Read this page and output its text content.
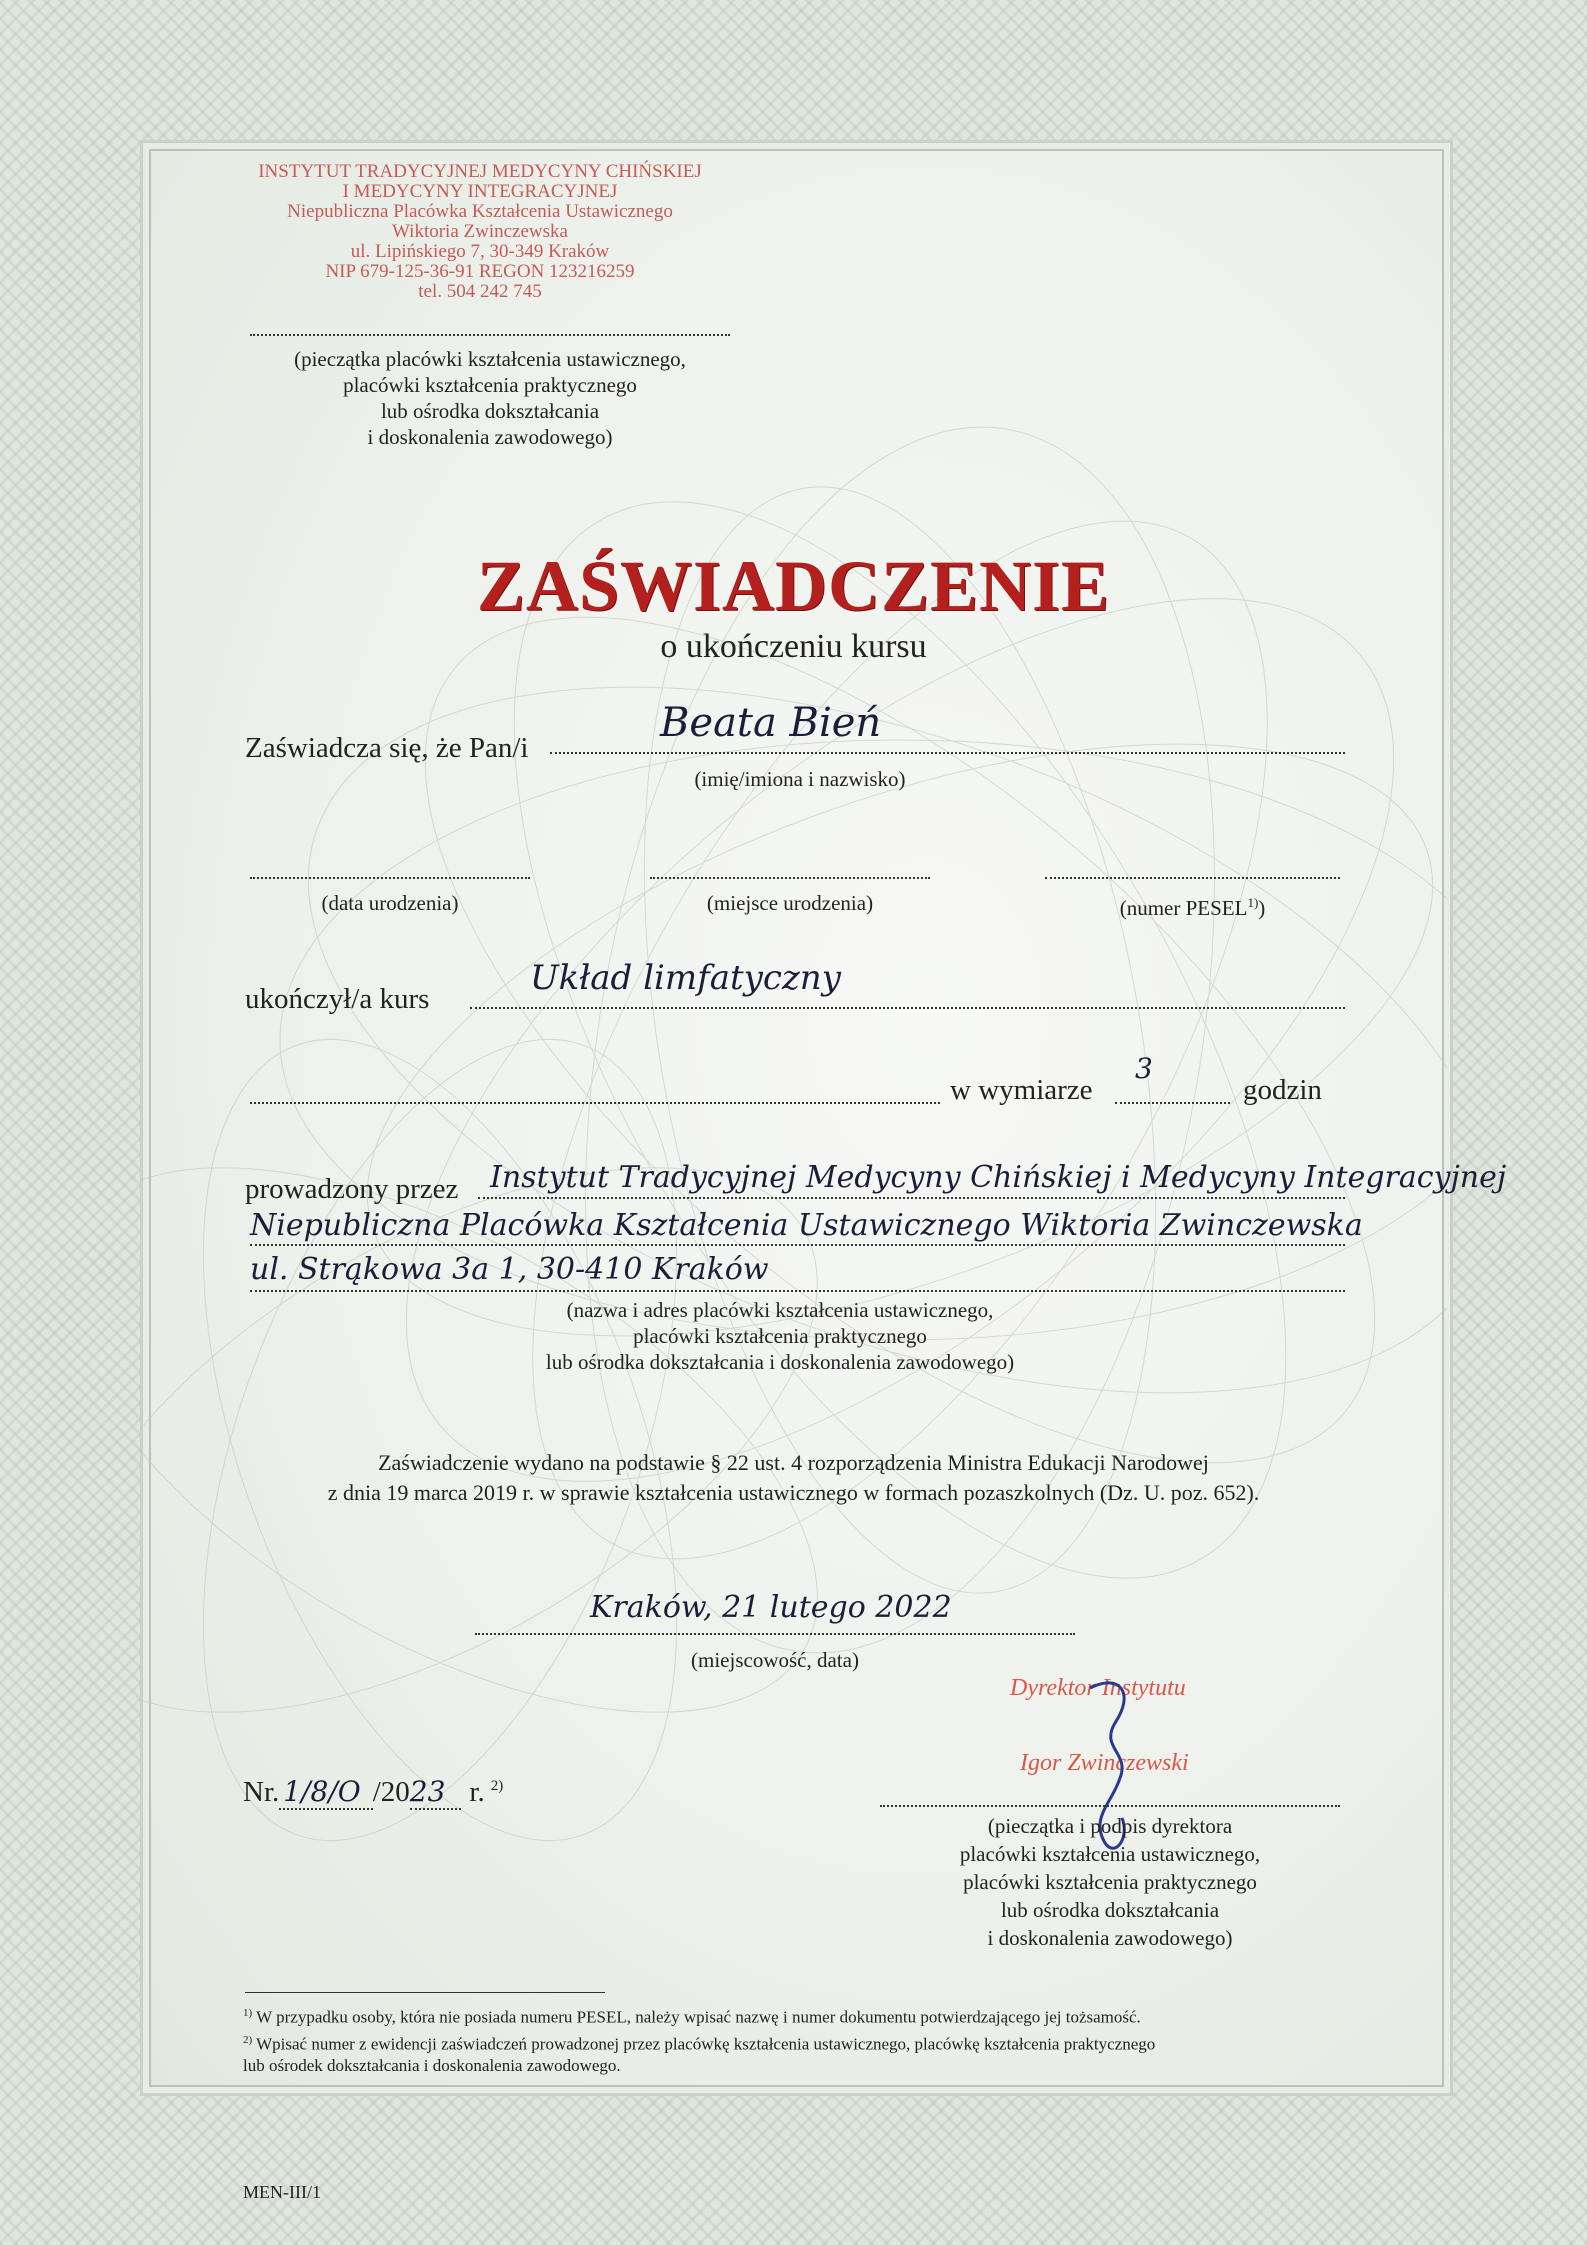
INSTYTUT TRADYCYJNEJ MEDYCYNY CHIŃSKIEJ
I MEDYCYNY INTEGRACYJNEJ
Niepubliczna Placówka Kształcenia Ustawicznego
Wiktoria Zwinczewska
ul. Lipińskiego 7, 30-349 Kraków
NIP 679-125-36-91 REGON 123216259
tel. 504 242 745
(pieczątka placówki kształcenia ustawicznego,
placówki kształcenia praktycznego
lub ośrodka dokształcania
i doskonalenia zawodowego)
ZAŚWIADCZENIE
o ukończeniu kursu
Zaświadcza się, że Pan/i
Beata Bień
(imię/imiona i nazwisko)
(data urodzenia)	(miejsce urodzenia)	(numer PESEL$^{1)}$)
ukończył/a kurs
Układ limfatyczny
w wymiarze
3
godzin
prowadzony przez Instytut Tradycyjnej Medycyny Chińskiej i Medycyny Integracyjnej
Niepubliczna Placówka Kształcenia Ustawicznego Wiktoria Zwinczewska
ul. Strąkowa 3a 1, 30-410 Kraków
(nazwa i adres placówki kształcenia ustawicznego,
placówki kształcenia praktycznego
lub ośrodka dokształcania i doskonalenia zawodowego)
Zaświadczenie wydano na podstawie § 22 ust. 4 rozporządzenia Ministra Edukacji Narodowej
z dnia 19 marca 2019 r. w sprawie kształcenia ustawicznego w formach pozaszkolnych (Dz. U. poz. 652).
Kraków, 21 lutego 2022
(miejscowość, data)
Nr. 1/8/O /2023 r. $^{2)}$
Dyrektor Instytutu
Igor Zwinczewski
(pieczątka i podpis dyrektora
placówki kształcenia ustawicznego,
placówki kształcenia praktycznego
lub ośrodka dokształcania
i doskonalenia zawodowego)
$^{1)}$ W przypadku osoby, która nie posiada numeru PESEL, należy wpisać nazwę i numer dokumentu potwierdzającego jej tożsamość.
$^{2)}$ Wpisać numer z ewidencji zaświadczeń prowadzonej przez placówkę kształcenia ustawicznego, placówkę kształcenia praktycznego
lub ośrodek dokształcania i doskonalenia zawodowego.
MEN-III/1
